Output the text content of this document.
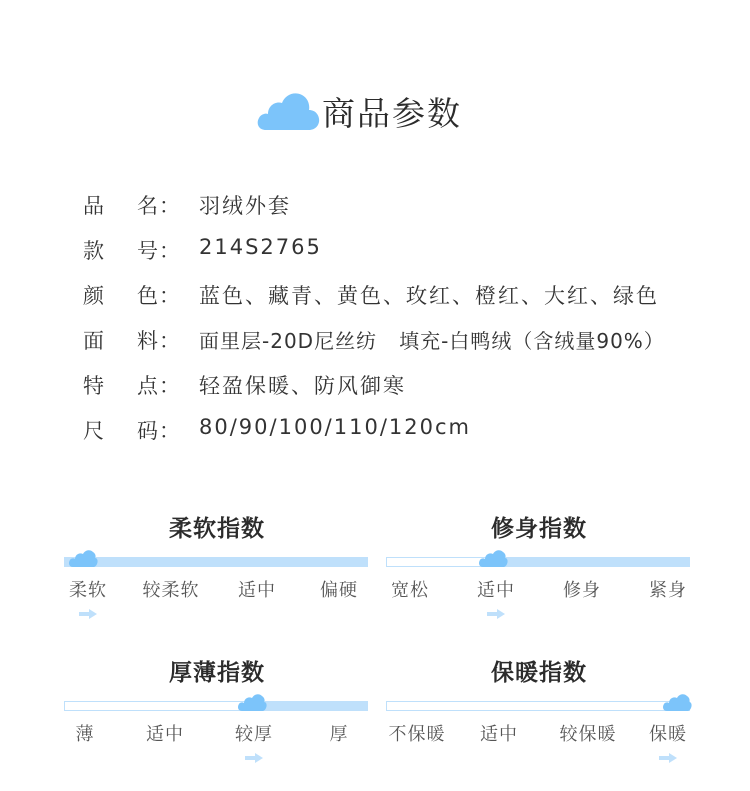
商品参数
品 名 ： 羽绒外套
款 号 ： 214S2765
颜 色 ： 蓝色、藏青、黄色、玫红、橙红、大红、绿色
面 料 ： 面里层-20D尼丝纺   填充-白鸭绒（含绒量90%）
特 点 ： 轻盈保暖、防风御寒
尺 码 ： 80/90/100/110/120cm
柔软指数
柔软 较柔软 适中 偏硬
修身指数
宽松	适中	修身	紧身
厚薄指数
薄	适中	较厚	厚
保暖指数
不保暖 适中 较保暖 保暖
